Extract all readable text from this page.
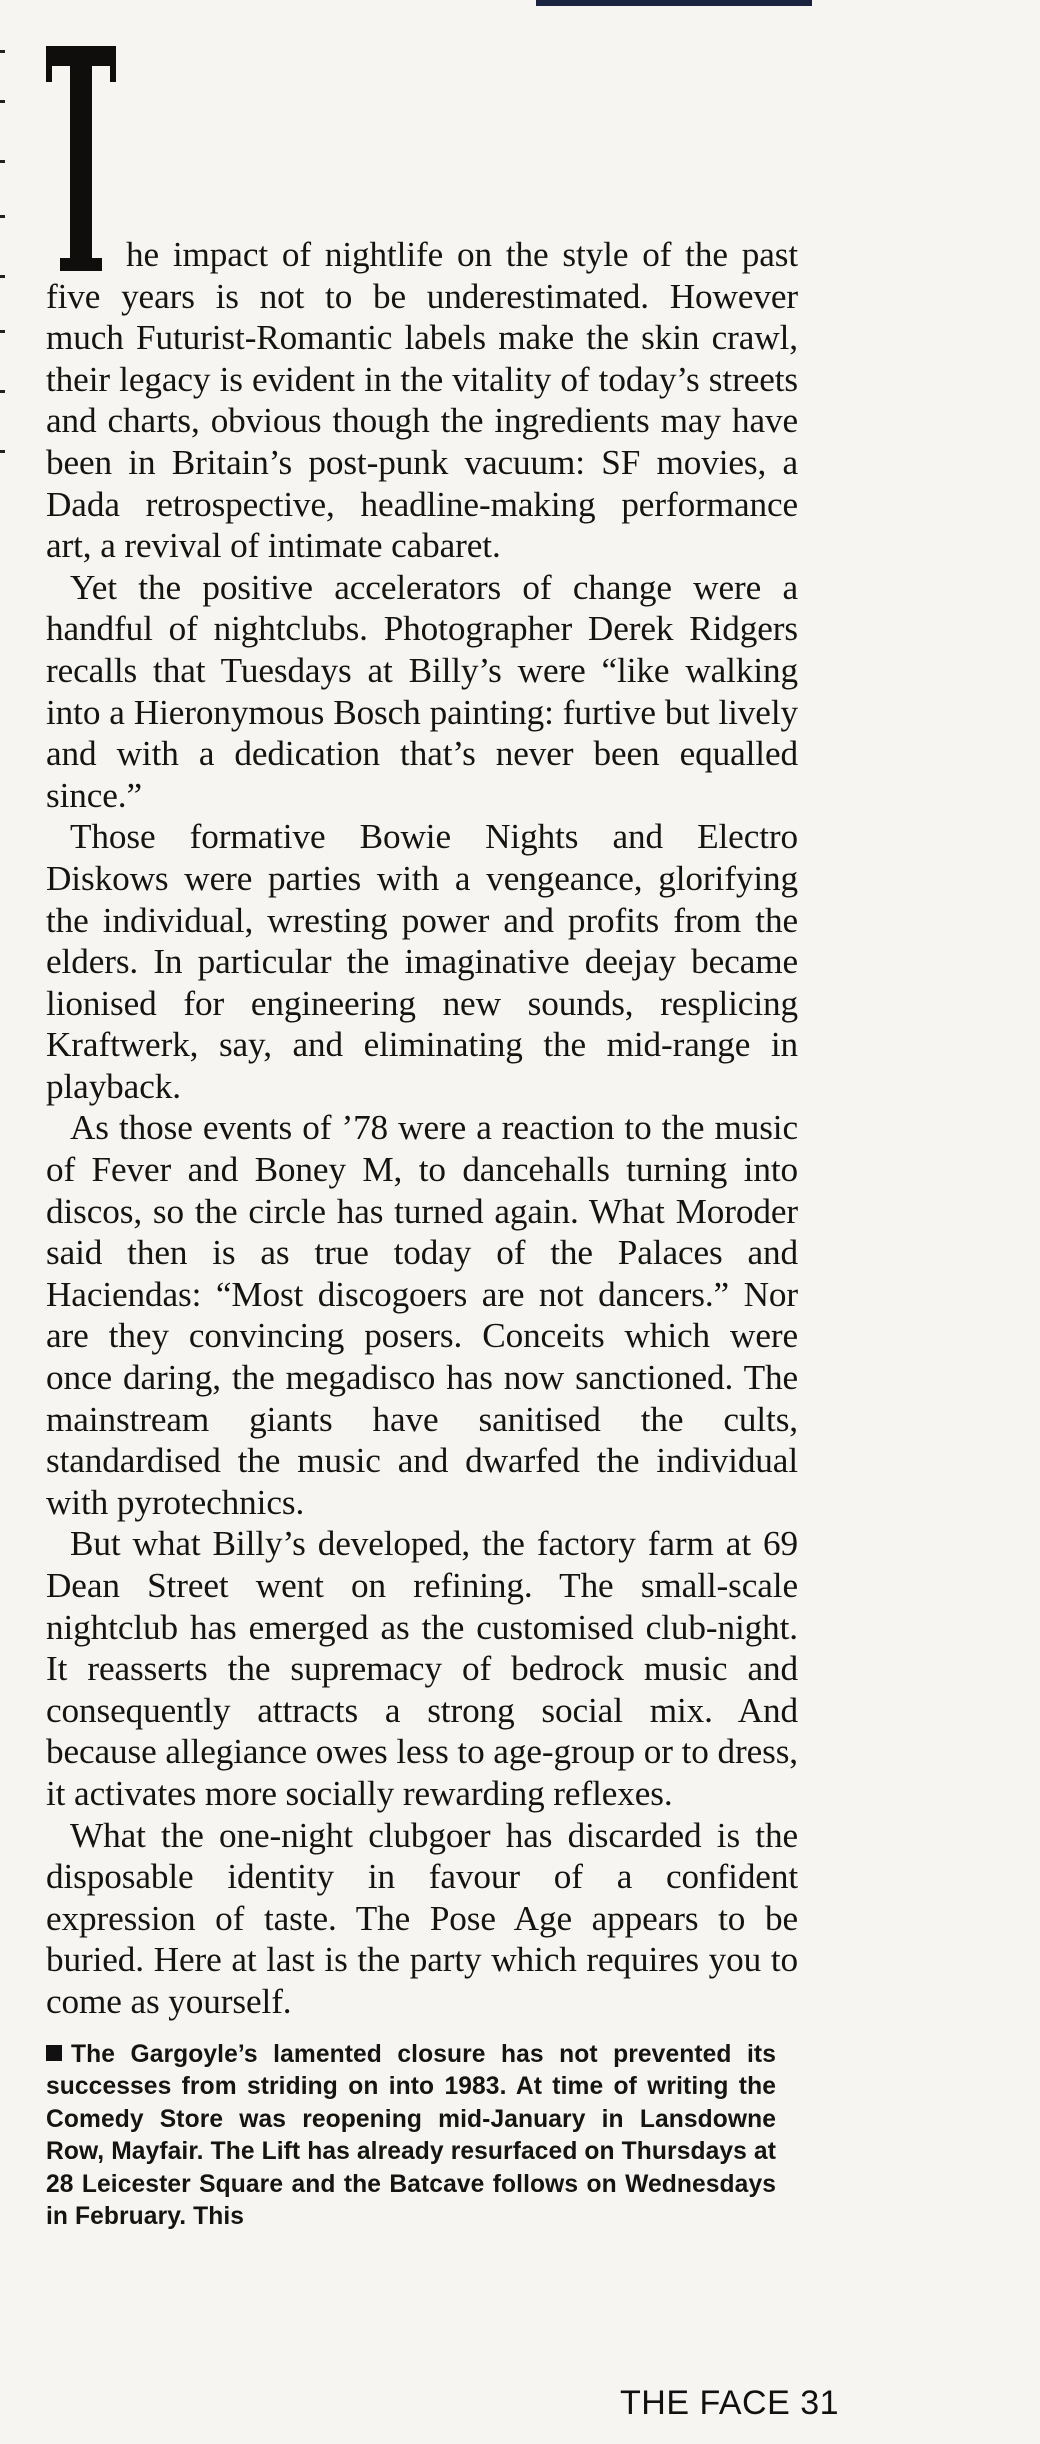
he impact of nightlife on the style of the past five years is not to be underestimated. However much Futurist-Romantic labels make the skin crawl, their legacy is evident in the vitality of today’s streets and charts, obvious though the ingredients may have been in Britain’s post-punk vacuum: SF movies, a Dada retrospective, headline-making performance art, a revival of intimate cabaret.

Yet the positive accelerators of change were a handful of nightclubs. Photographer Derek Ridgers recalls that Tuesdays at Billy’s were “like walking into a Hieronymous Bosch painting: furtive but lively and with a dedication that’s never been equalled since.”

Those formative Bowie Nights and Electro Diskows were parties with a vengeance, glorifying the individual, wresting power and profits from the elders. In particular the imaginative deejay became lionised for engineering new sounds, resplicing Kraftwerk, say, and eliminating the mid-range in playback.

As those events of ’78 were a reaction to the music of Fever and Boney M, to dancehalls turning into discos, so the circle has turned again. What Moroder said then is as true today of the Palaces and Haciendas: “Most discogoers are not dancers.” Nor are they convincing posers. Conceits which were once daring, the megadisco has now sanctioned. The mainstream giants have sanitised the cults, standardised the music and dwarfed the individual with pyrotechnics.

But what Billy’s developed, the factory farm at 69 Dean Street went on refining. The small-scale nightclub has emerged as the customised club-night. It reasserts the supremacy of bedrock music and consequently attracts a strong social mix. And because allegiance owes less to age-group or to dress, it activates more socially rewarding reflexes.

What the one-night clubgoer has discarded is the disposable identity in favour of a confident expression of taste. The Pose Age appears to be buried. Here at last is the party which requires you to come as yourself.

The Gargoyle’s lamented closure has not prevented its successes from striding on into 1983. At time of writing the Comedy Store was reopening mid-January in Lansdowne Row, Mayfair. The Lift has already resurfaced on Thursdays at 28 Leicester Square and the Batcave follows on Wednesdays in February. This

THE FACE 31
